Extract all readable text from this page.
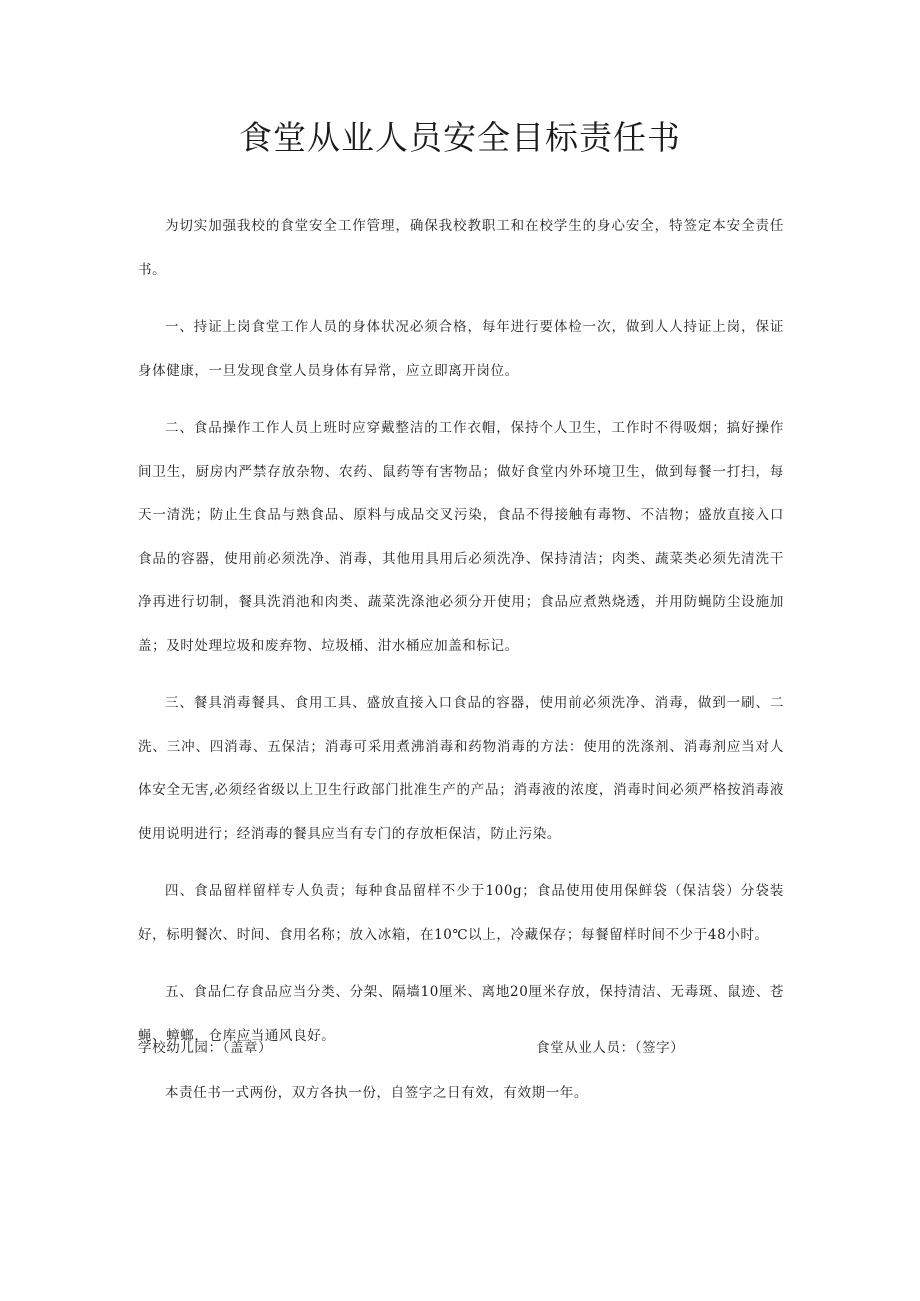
食堂从业人员安全目标责任书

为切实加强我校的食堂安全工作管理，确保我校教职工和在校学生的身心安全，特签定本安全责任书。

一、持证上岗食堂工作人员的身体状况必须合格，每年进行要体检一次，做到人人持证上岗，保证身体健康，一旦发现食堂人员身体有异常，应立即离开岗位。

二、食品操作工作人员上班时应穿戴整洁的工作衣帽，保持个人卫生，工作时不得吸烟；搞好操作间卫生，厨房内严禁存放杂物、农药、鼠药等有害物品；做好食堂内外环境卫生，做到每餐一打扫，每天一清洗；防止生食品与熟食品、原料与成品交叉污染，食品不得接触有毒物、不洁物；盛放直接入口食品的容器，使用前必须洗净、消毒，其他用具用后必须洗净、保持清洁；肉类、蔬菜类必须先清洗干净再进行切制，餐具洗消池和肉类、蔬菜洗涤池必须分开使用；食品应煮熟烧透，并用防蝇防尘设施加盖；及时处理垃圾和废弃物、垃圾桶、泔水桶应加盖和标记。

三、餐具消毒餐具、食用工具、盛放直接入口食品的容器，使用前必须洗净、消毒，做到一刷、二洗、三冲、四消毒、五保洁；消毒可采用煮沸消毒和药物消毒的方法：使用的洗涤剂、消毒剂应当对人体安全无害,必须经省级以上卫生行政部门批准生产的产品；消毒液的浓度，消毒时间必须严格按消毒液使用说明进行；经消毒的餐具应当有专门的存放柜保洁，防止污染。

四、食品留样留样专人负责；每种食品留样不少于100g；食品使用使用保鲜袋（保洁袋）分袋装好，标明餐次、时间、食用名称；放入冰箱，在10℃以上，冷藏保存；每餐留样时间不少于48小时。

五、食品仁存食品应当分类、分架、隔墙10厘米、离地20厘米存放，保持清洁、无毒斑、鼠迹、苍蝇、蟑螂，仓库应当通风良好。

本责任书一式两份，双方各执一份，自签字之日有效，有效期一年。

学校幼儿园：（盖章）	食堂从业人员：（签字）
